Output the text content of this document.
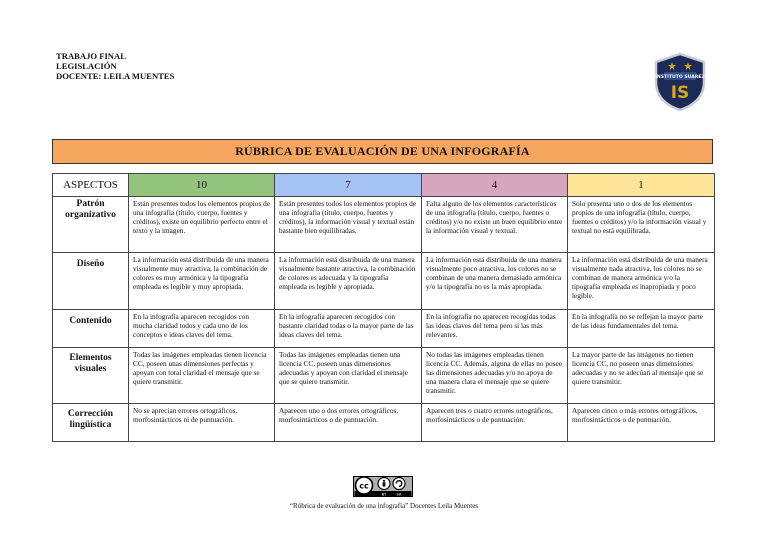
TRABAJO FINAL
LEGISLACIÓN
DOCENTE: LEILA MUENTES	INSTITUTO SUAREZ
IS
RÚBRICA DE EVALUACIÓN DE UNA INFOGRAFÍA
ASPECTOS	10	7	4	1
Patrón organizativo	Están presentes todos los elementos propios de una infografía (título, cuerpo, fuentes y créditos), existe un equilibrio perfecto entre el texto y la imagen.	Están presentes todos los elementos propios de una infografía (título, cuerpo, fuentes y créditos), la información visual y textual están bastante bien equilibradas.	Falta alguno de los elementos característicos de una infografía (título, cuerpo, fuentes o créditos) y/o no existe un buen equilibrio entre la información visual y textual.	Solo presenta uno o dos de los elementos propios de una infografía (título, cuerpo, fuentes o créditos) y/o la información visual y textual no está equilibrada.
Diseño	La información está distribuida de una manera visualmente muy atractiva, la combinación de colores es muy armónica y la tipografía empleada es legible y muy apropiada.	La información está distribuida de una manera visualmente bastante atractiva, la combinación de colores es adecuada y la tipografía empleada es legible y apropiada.	La información está distribuida de una manera visualmente poco atractiva, los colores no se combinan de una manera demasiado armónica y/o la tipografía no es la más apropiada.	La información está distribuida de una manera visualmente nada atractiva, los colores no se combinan de manera armónica y/o la tipografía empleada es inapropiada y poco legible.
Contenido	En la infografía aparecen recogidos con mucha claridad todos y cada uno de los conceptos e ideas claves del tema.	En la infografía aparecen recogidos con bastante claridad todas o la mayor parte de las ideas claves del tema.	En la infografía no aparecen recogidas todas las ideas claves del tema pero sí las más relevantes.	En la infografía no se reflejan la mayor parte de las ideas fundamentales del tema.
Elementos visuales	Todas las imágenes empleadas tienen licencia CC, poseen unas dimensiones perfectas y apoyan con total claridad el mensaje que se quiere transmitir.	Todas las imágenes empleadas tienen una licencia CC, poseen unas dimensiones adecuadas y apoyan con claridad el mensaje que se quiere transmitir.	No todas las imágenes empleadas tienen licencia CC. Además, alguna de ellas no posee las dimensiones adecuadas y/o no apoya de una manera clara el mensaje que se quiere transmitir.	La mayor parte de las imágenes no tienen licencia CC, no poseen unas dimensiones adecuadas y no se adecúan al mensaje que se quiere transmitir.
Corrección lingüística	No se aprecian errores ortográficos, morfosintácticos ni de puntuación.	Aparecen uno o dos errores ortográficos, morfosintácticos o de puntuación.	Aparecen tres o cuatro errores ortográficos, morfosintácticos o de puntuación.	Aparecen cinco o más errores ortográficos, morfosintácticos o de puntuación.
cc
BY	SA
“Rúbrica de evaluación de una infografía” Docentes Leila Muentes
